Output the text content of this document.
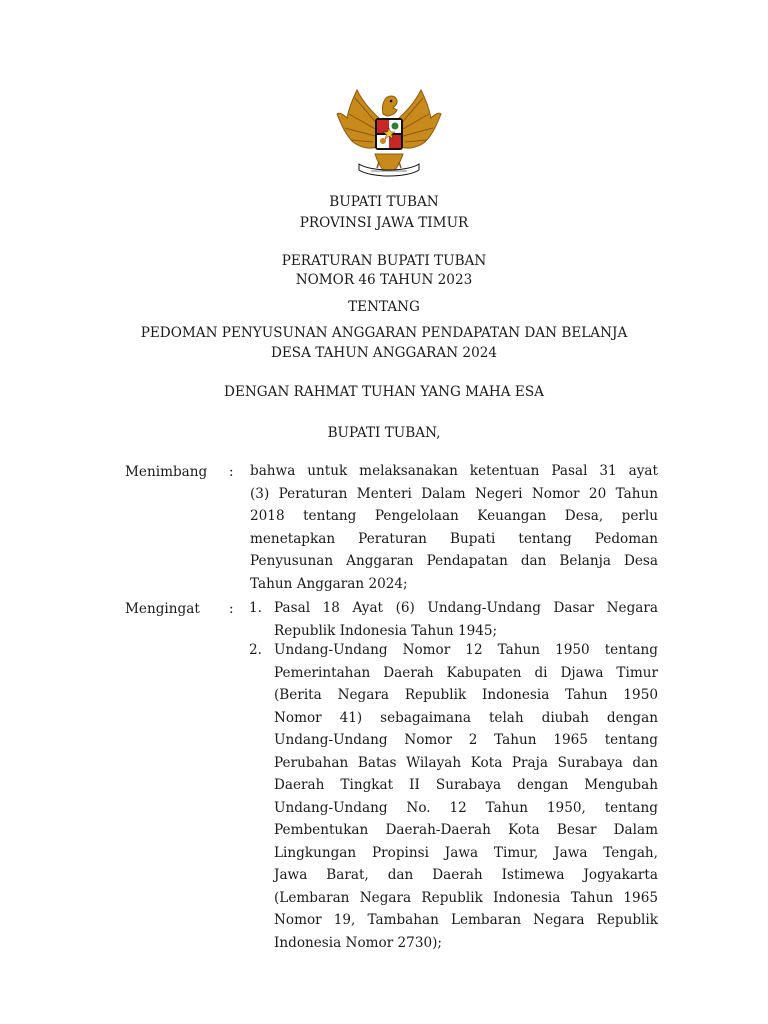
BUPATI TUBAN
PROVINSI JAWA TIMUR
PERATURAN BUPATI TUBAN
NOMOR 46 TAHUN 2023
TENTANG
PEDOMAN PENYUSUNAN ANGGARAN PENDAPATAN DAN BELANJA
DESA TAHUN ANGGARAN 2024
DENGAN RAHMAT TUHAN YANG MAHA ESA
BUPATI TUBAN,
Menimbang : bahwa untuk melaksanakan ketentuan Pasal 31 ayat
(3) Peraturan Menteri Dalam Negeri Nomor 20 Tahun
2018 tentang Pengelolaan Keuangan Desa, perlu
menetapkan Peraturan Bupati tentang Pedoman
Penyusunan Anggaran Pendapatan dan Belanja Desa
Tahun Anggaran 2024;
Mengingat : 1. Pasal 18 Ayat (6) Undang-Undang Dasar Negara
Republik Indonesia Tahun 1945;
2. Undang-Undang Nomor 12 Tahun 1950 tentang
Pemerintahan Daerah Kabupaten di Djawa Timur
(Berita Negara Republik Indonesia Tahun 1950
Nomor 41) sebagaimana telah diubah dengan
Undang-Undang Nomor 2 Tahun 1965 tentang
Perubahan Batas Wilayah Kota Praja Surabaya dan
Daerah Tingkat II Surabaya dengan Mengubah
Undang-Undang No. 12 Tahun 1950, tentang
Pembentukan Daerah-Daerah Kota Besar Dalam
Lingkungan Propinsi Jawa Timur, Jawa Tengah,
Jawa Barat, dan Daerah Istimewa Jogyakarta
(Lembaran Negara Republik Indonesia Tahun 1965
Nomor 19, Tambahan Lembaran Negara Republik
Indonesia Nomor 2730);
